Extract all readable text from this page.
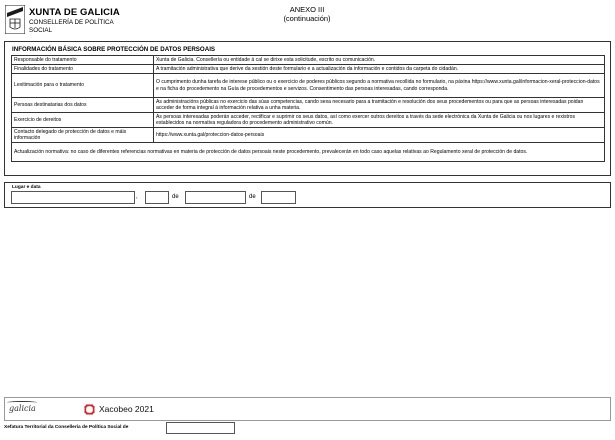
XUNTA DE GALICIA
CONSELLERÍA DE POLÍTICA
SOCIAL
ANEXO III
(continuación)
INFORMACIÓN BÁSICA SOBRE PROTECCIÓN DE DATOS PERSOAIS
Responsable do tratamento	Xunta de Galicia. Consellería ou entidade á cal se dirixe esta solicitude, escrito ou comunicación.
Finalidades do tratamento	A tramitación administrativa que derive da xestión deste formulario e a actualización da información e contidos da carpeta do cidadán.
Lexitimación para o tratamento	O cumprimento dunha tarefa de interese público ou o exercicio de poderes públicos segundo a normativa recollida no formulario, na páxina https://www.xunta.gal/informacion-xeral-proteccion-datos e na ficha do procedemento na Guía de procedementos e servizos. Consentimento das persoas interesadas, cando corresponda.
Persoas destinatarias dos datos	As administracións públicas no exercicio das súas competencias, cando sexa necesario para a tramitación e resolución dos seus procedementos ou para que as persoas interesadas poidan acceder de forma integral á información relativa a unha materia.
Exercicio de dereitos	As persoas interesadas poderán acceder, rectificar e suprimir os seus datos, así como exercer outros dereitos a través da sede electrónica da Xunta de Galicia ou nos lugares e rexistros establecidos na normativa reguladora do procedemento administrativo común.
Contacto delegado de protección de datos e máis información	https://www.xunta.gal/proteccion-datos-persoais
Actualización normativa: no caso de diferentes referencias normativas en materia de protección de datos persoais neste procedemento, prevalecerán en todo caso aquelas relativas ao Regulamento xeral de protección de datos.	
Lugar e data
,	de	de
galicia	Xacobeo 2021
Xefatura Territorial da Consellería de Política Social de
